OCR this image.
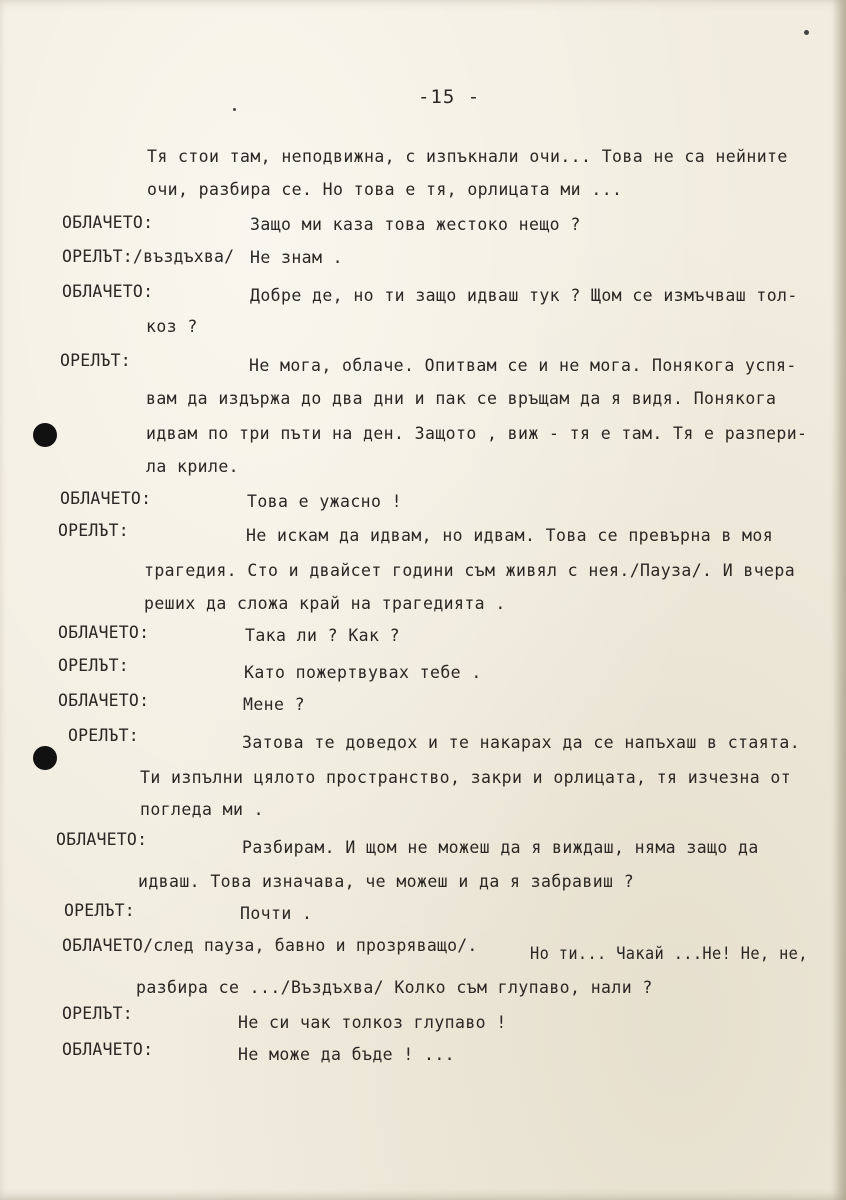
-15 -
Тя стои там, неподвижна, с изпъкнали очи... Това не са нейните
очи, разбира се. Но това е тя, орлицата ми ...
ОБЛАЧЕТО:	Защо ми каза това жестоко нещо ?
ОРЕЛЪТ:/въздъхва/ Не знам .
ОБЛАЧЕТО:	Добре де, но ти защо идваш тук ? Щом се измъчваш тол-
коз ?
ОРЕЛЪТ:	Не мога, облаче. Опитвам се и не мога. Понякога успя-
вам да издържа до два дни и пак се връщам да я видя. Понякога
идвам по три пъти на ден. Защото , виж - тя е там. Тя е разпери-
ла криле.
ОБЛАЧЕТО:	Това е ужасно !
ОРЕЛЪТ:	Не искам да идвам, но идвам. Това се превърна в моя
трагедия. Сто и двайсет години съм живял с нея./Пауза/. И вчера
реших да сложа край на трагедията .
ОБЛАЧЕТО:	Така ли ? Как ?
ОРЕЛЪТ:	Като пожертвувах тебе .
ОБЛАЧЕТО:	Мене ?
ОРЕЛЪТ:	Затова те доведох и те накарах да се напъхаш в стаята.
Ти изпълни цялото пространство, закри и орлицата, тя изчезна от
погледа ми .
ОБЛАЧЕТО:	Разбирам. И щом не можеш да я виждаш, няма защо да
идваш. Това изначава, че можеш и да я забравиш ?
ОРЕЛЪТ:	Почти .
ОБЛАЧЕТО/след пауза, бавно и прозряващо/.	Но ти... Чакай ...Не! Не, не,
разбира се .../Въздъхва/ Колко съм глупаво, нали ?
ОРЕЛЪТ:	Не си чак толкоз глупаво !
ОБЛАЧЕТО:	Не може да бъде ! ...
